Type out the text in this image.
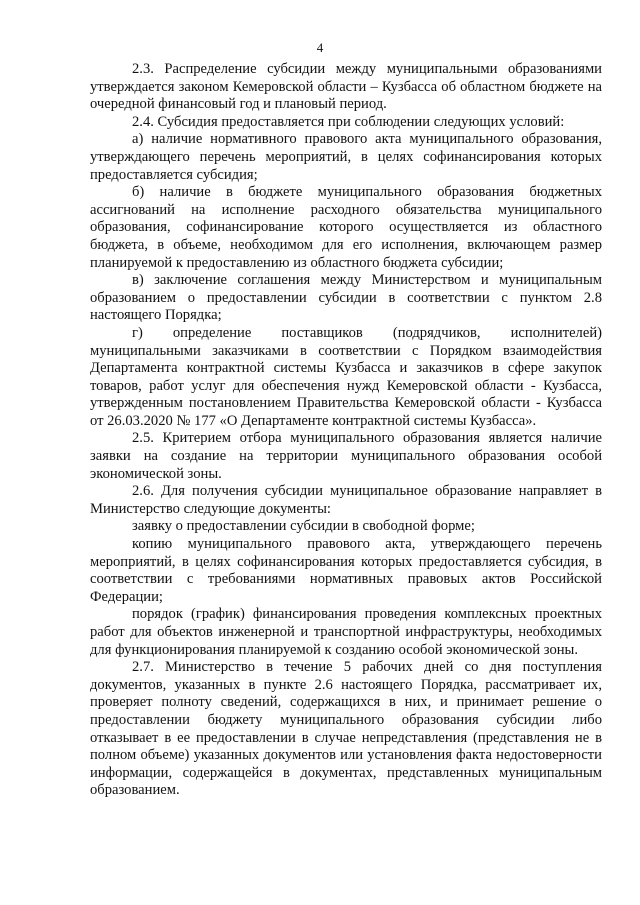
4

2.3. Распределение субсидии между муниципальными образованиями утверждается законом Кемеровской области – Кузбасса об областном бюджете на очередной финансовый год и плановый период.

2.4. Субсидия предоставляется при соблюдении следующих условий:

а) наличие нормативного правового акта муниципального образования, утверждающего перечень мероприятий, в целях софинансирования которых предоставляется субсидия;

б) наличие в бюджете муниципального образования бюджетных ассигнований на исполнение расходного обязательства муниципального образования, софинансирование которого осуществляется из областного бюджета, в объеме, необходимом для его исполнения, включающем размер планируемой к предоставлению из областного бюджета субсидии;

в) заключение соглашения между Министерством и муниципальным образованием о предоставлении субсидии в соответствии с пунктом 2.8 настоящего Порядка;

г) определение поставщиков (подрядчиков, исполнителей) муниципальными заказчиками в соответствии с Порядком взаимодействия Департамента контрактной системы Кузбасса и заказчиков в сфере закупок товаров, работ услуг для обеспечения нужд Кемеровской области - Кузбасса, утвержденным постановлением Правительства Кемеровской области - Кузбасса от 26.03.2020 № 177 «О Департаменте контрактной системы Кузбасса».

2.5. Критерием отбора муниципального образования является наличие заявки на создание на территории муниципального образования особой экономической зоны.

2.6. Для получения субсидии муниципальное образование направляет в Министерство следующие документы:

заявку о предоставлении субсидии в свободной форме;

копию муниципального правового акта, утверждающего перечень мероприятий, в целях софинансирования которых предоставляется субсидия, в соответствии с требованиями нормативных правовых актов Российской Федерации;

порядок (график) финансирования проведения комплексных проектных работ для объектов инженерной и транспортной инфраструктуры, необходимых для функционирования планируемой к созданию особой экономической зоны.

2.7. Министерство в течение 5 рабочих дней со дня поступления документов, указанных в пункте 2.6 настоящего Порядка, рассматривает их, проверяет полноту сведений, содержащихся в них, и принимает решение о предоставлении бюджету муниципального образования субсидии либо отказывает в ее предоставлении в случае непредставления (представления не в полном объеме) указанных документов или установления факта недостоверности информации, содержащейся в документах, представленных муниципальным образованием.
